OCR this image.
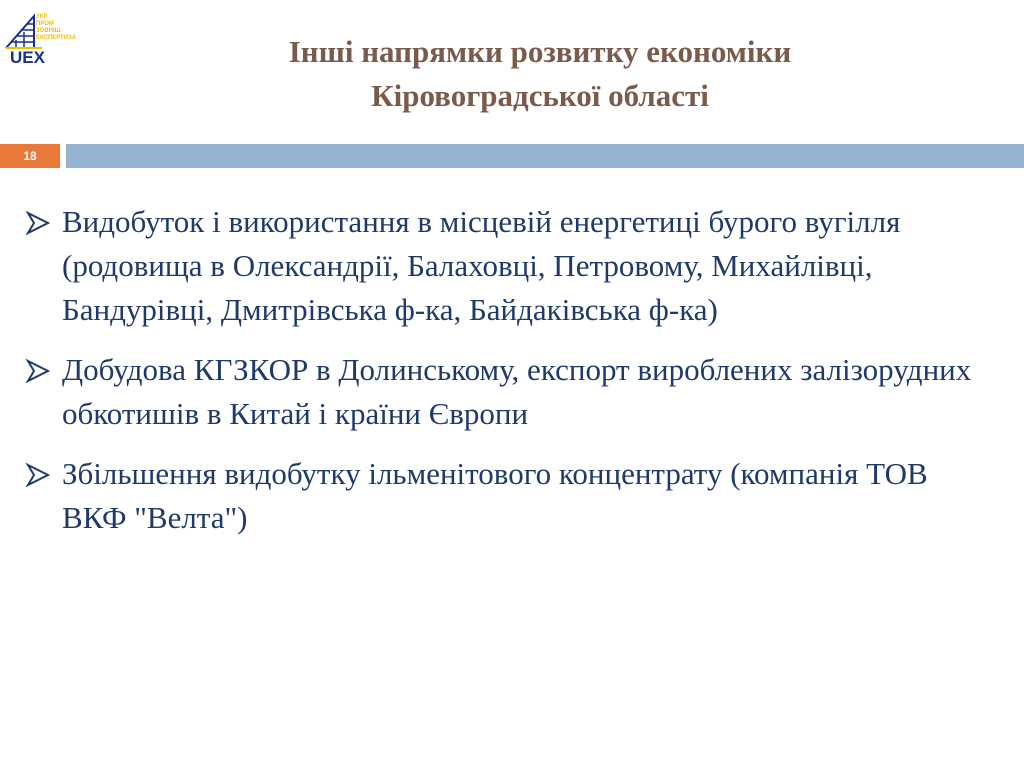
УКР
ПРОМ
ЗОВНІШ
ЕКСПЕРТИЗА
UEX	Інші напрямки розвитку економіки
Кіровоградської області
18
Видобуток і використання в місцевій енергетиці бурого вугілля (родовища в Олександрії, Балаховці, Петровому, Михайлівці, Бандурівці, Дмитрівська ф-ка, Байдаківська ф-ка)
Добудова КГЗКОР в Долинському, експорт вироблених залізорудних обкотишів в Китай і країни Європи
Збільшення видобутку ільменітового концентрату (компанія ТОВ ВКФ "Велта")
